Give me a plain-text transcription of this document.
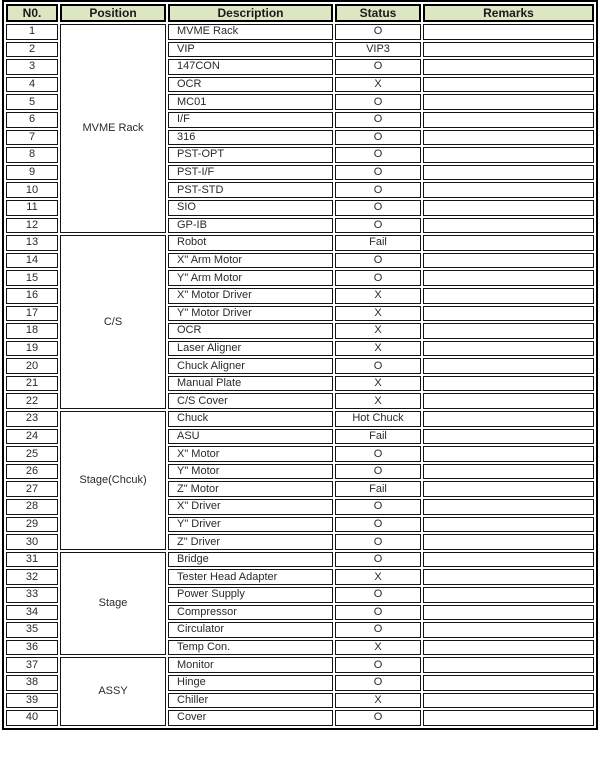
N0.	Position	Description	Status	Remarks
1	MVME Rack	MVME Rack	O	
2		VIP	VIP3	
3		147CON	O	
4		OCR	X	
5		MC01	O	
6		I/F	O	
7		316	O	
8		PST-OPT	O	
9		PST-I/F	O	
10		PST-STD	O	
11		SIO	O	
12		GP-IB	O	
13	C/S	Robot	Fail	
14		X" Arm Motor	O	
15		Y" Arm Motor	O	
16		X" Motor Driver	X	
17		Y" Motor Driver	X	
18		OCR	X	
19		Laser Aligner	X	
20		Chuck Aligner	O	
21		Manual Plate	X	
22		C/S Cover	X	
23	Stage(Chcuk)	Chuck	Hot Chuck	
24		ASU	Fail	
25		X" Motor	O	
26		Y" Motor	O	
27		Z" Motor	Fail	
28		X" Driver	O	
29		Y" Driver	O	
30		Z" Driver	O	
31	Stage	Bridge	O	
32		Tester Head Adapter	X	
33		Power Supply	O	
34		Compressor	O	
35		Circulator	O	
36		Temp Con.	X	
37	ASSY	Monitor	O	
38		Hinge	O	
39		Chiller	X	
40		Cover	O	
